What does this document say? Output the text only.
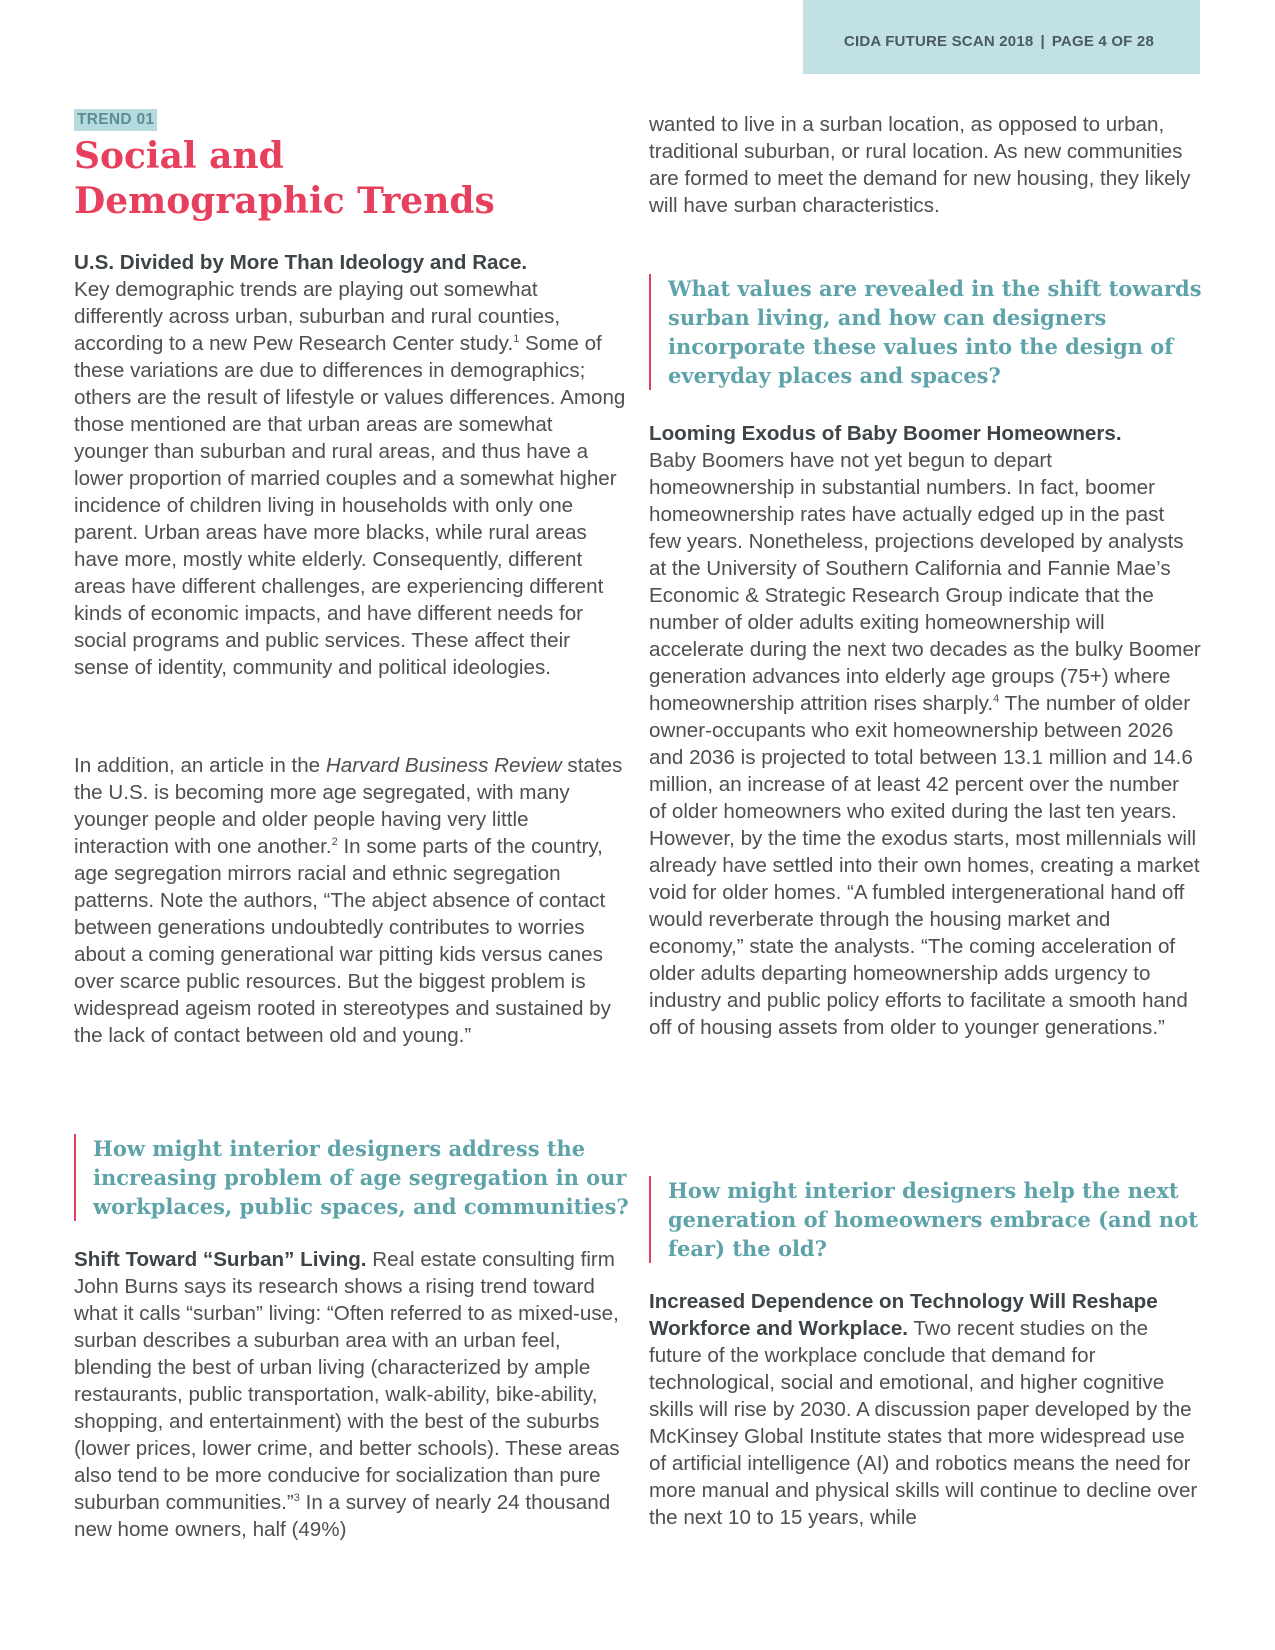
CIDA FUTURE SCAN 2018 | PAGE 4 OF 28
TREND 01
Social and
Demographic Trends

U.S. Divided by More Than Ideology and Race.
Key demographic trends are playing out somewhat differently across urban, suburban and rural counties, according to a new Pew Research Center study.$^1$ Some of these variations are due to differences in demographics; others are the result of lifestyle or values differences. Among those mentioned are that urban areas are somewhat younger than suburban and rural areas, and thus have a lower proportion of married couples and a somewhat higher incidence of children living in households with only one parent. Urban areas have more blacks, while rural areas have more, mostly white elderly. Consequently, different areas have different challenges, are experiencing different kinds of economic impacts, and have different needs for social programs and public services. These affect their sense of identity, community and political ideologies.

In addition, an article in the Harvard Business Review states the U.S. is becoming more age segregated, with many younger people and older people having very little interaction with one another.$^2$ In some parts of the country, age segregation mirrors racial and ethnic segregation patterns. Note the authors, “The abject absence of contact between generations undoubtedly contributes to worries about a coming generational war pitting kids versus canes over scarce public resources. But the biggest problem is widespread ageism rooted in stereotypes and sustained by the lack of contact between old and young.”

How might interior designers address the increasing problem of age segregation in our workplaces, public spaces, and communities?

Shift Toward “Surban” Living. Real estate consulting firm John Burns says its research shows a rising trend toward what it calls “surban” living: “Often referred to as mixed-use, surban describes a suburban area with an urban feel, blending the best of urban living (characterized by ample restaurants, public transportation, walk-ability, bike-ability, shopping, and entertainment) with the best of the suburbs (lower prices, lower crime, and better schools). These areas also tend to be more conducive for socialization than pure suburban communities.”$^3$ In a survey of nearly 24 thousand new home owners, half (49%)

wanted to live in a surban location, as opposed to urban, traditional suburban, or rural location. As new communities are formed to meet the demand for new housing, they likely will have surban characteristics.

What values are revealed in the shift towards surban living, and how can designers incorporate these values into the design of everyday places and spaces?

Looming Exodus of Baby Boomer Homeowners.
Baby Boomers have not yet begun to depart homeownership in substantial numbers. In fact, boomer homeownership rates have actually edged up in the past few years. Nonetheless, projections developed by analysts at the University of Southern California and Fannie Mae’s Economic & Strategic Research Group indicate that the number of older adults exiting homeownership will accelerate during the next two decades as the bulky Boomer generation advances into elderly age groups (75+) where homeownership attrition rises sharply.$^4$ The number of older owner-occupants who exit homeownership between 2026 and 2036 is projected to total between 13.1 million and 14.6 million, an increase of at least 42 percent over the number of older homeowners who exited during the last ten years. However, by the time the exodus starts, most millennials will already have settled into their own homes, creating a market void for older homes. “A fumbled intergenerational hand off would reverberate through the housing market and economy,” state the analysts. “The coming acceleration of older adults departing homeownership adds urgency to industry and public policy efforts to facilitate a smooth hand off of housing assets from older to younger generations.”

How might interior designers help the next generation of homeowners embrace (and not fear) the old?

Increased Dependence on Technology Will Reshape Workforce and Workplace. Two recent studies on the future of the workplace conclude that demand for technological, social and emotional, and higher cognitive skills will rise by 2030. A discussion paper developed by the McKinsey Global Institute states that more widespread use of artificial intelligence (AI) and robotics means the need for more manual and physical skills will continue to decline over the next 10 to 15 years, while
